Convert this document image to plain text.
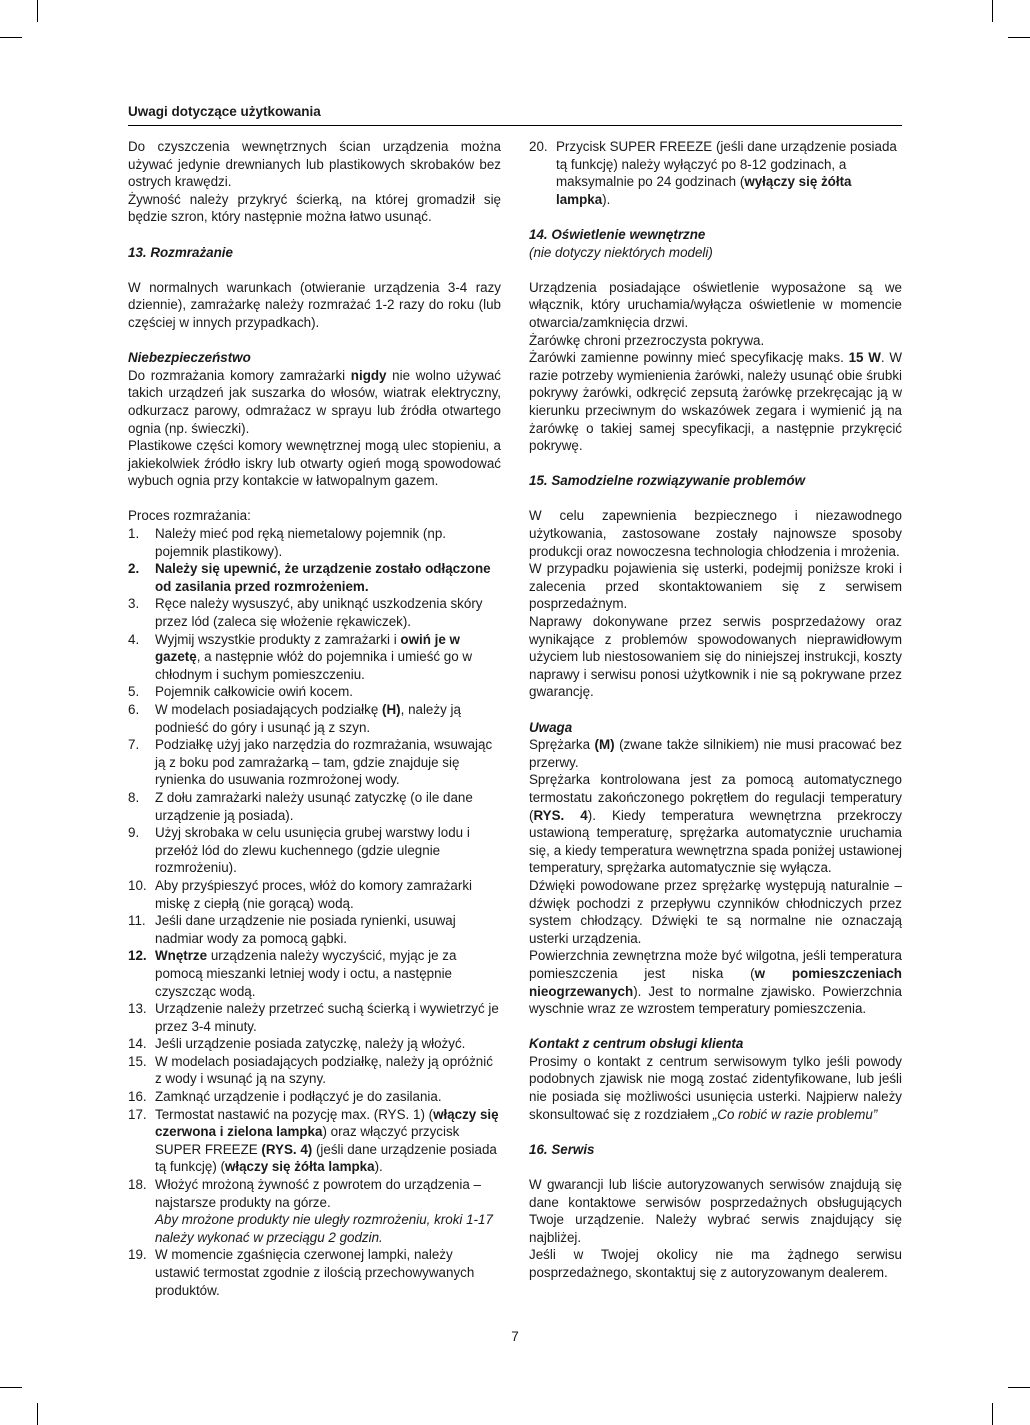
Uwagi dotyczące użytkowania

Do czyszczenia wewnętrznych ścian urządzenia można używać jedynie drewnianych lub plastikowych skrobaków bez ostrych krawędzi.

Żywność należy przykryć ścierką, na której gromadził się będzie szron, który następnie można łatwo usunąć.

13. Rozmrażanie

W normalnych warunkach (otwieranie urządzenia 3-4 razy dziennie), zamrażarkę należy rozmrażać 1-2 razy do roku (lub częściej w innych przypadkach).

Niebezpieczeństwo

Do rozmrażania komory zamrażarki nigdy nie wolno używać takich urządzeń jak suszarka do włosów, wiatrak elektryczny, odkurzacz parowy, odmrażacz w sprayu lub źródła otwartego ognia (np. świeczki).

Plastikowe części komory wewnętrznej mogą ulec stopieniu, a jakiekolwiek źródło iskry lub otwarty ogień mogą spowodować wybuch ognia przy kontakcie w łatwopalnym gazem.

Proces rozmrażania:

1. Należy mieć pod ręką niemetalowy pojemnik (np. pojemnik plastikowy).
2. Należy się upewnić, że urządzenie zostało odłączone od zasilania przed rozmrożeniem.
3. Ręce należy wysuszyć, aby uniknąć uszkodzenia skóry przez lód (zaleca się włożenie rękawiczek).
4. Wyjmij wszystkie produkty z zamrażarki i owiń je w gazetę, a następnie włóż do pojemnika i umieść go w chłodnym i suchym pomieszczeniu.
5. Pojemnik całkowicie owiń kocem.
6. W modelach posiadających podziałkę (H), należy ją podnieść do góry i usunąć ją z szyn.
7. Podziałkę użyj jako narzędzia do rozmrażania, wsuwając ją z boku pod zamrażarką – tam, gdzie znajduje się rynienka do usuwania rozmrożonej wody.
8. Z dołu zamrażarki należy usunąć zatyczkę (o ile dane urządzenie ją posiada).
9. Użyj skrobaka w celu usunięcia grubej warstwy lodu i przełóż lód do zlewu kuchennego (gdzie ulegnie rozmrożeniu).
10. Aby przyśpieszyć proces, włóż do komory zamrażarki miskę z ciepłą (nie gorącą) wodą.
11. Jeśli dane urządzenie nie posiada rynienki, usuwaj nadmiar wody za pomocą gąbki.
12. Wnętrze urządzenia należy wyczyścić, myjąc je za pomocą mieszanki letniej wody i octu, a następnie czyszcząc wodą.
13. Urządzenie należy przetrzeć suchą ścierką i wywietrzyć je przez 3-4 minuty.
14. Jeśli urządzenie posiada zatyczkę, należy ją włożyć.
15. W modelach posiadających podziałkę, należy ją opróżnić z wody i wsunąć ją na szyny.
16. Zamknąć urządzenie i podłączyć je do zasilania.
17. Termostat nastawić na pozycję max. (RYS. 1) (włączy się czerwona i zielona lampka) oraz włączyć przycisk SUPER FREEZE (RYS. 4) (jeśli dane urządzenie posiada tą funkcję) (włączy się żółta lampka).
18. Włożyć mrożoną żywność z powrotem do urządzenia – najstarsze produkty na górze.
Aby mrożone produkty nie uległy rozmrożeniu, kroki 1-17 należy wykonać w przeciągu 2 godzin.
19. W momencie zgaśnięcia czerwonej lampki, należy ustawić termostat zgodnie z ilością przechowywanych produktów.
20. Przycisk SUPER FREEZE (jeśli dane urządzenie posiada tą funkcję) należy wyłączyć po 8-12 godzinach, a maksymalnie po 24 godzinach (wyłączy się żółta lampka).

14. Oświetlenie wewnętrzne

(nie dotyczy niektórych modeli)

Urządzenia posiadające oświetlenie wyposażone są we włącznik, który uruchamia/wyłącza oświetlenie w momencie otwarcia/zamknięcia drzwi.

Żarówkę chroni przezroczysta pokrywa.

Żarówki zamienne powinny mieć specyfikację maks. 15 W. W razie potrzeby wymienienia żarówki, należy usunąć obie śrubki pokrywy żarówki, odkręcić zepsutą żarówkę przekręcając ją w kierunku przeciwnym do wskazówek zegara i wymienić ją na żarówkę o takiej samej specyfikacji, a następnie przykręcić pokrywę.

15. Samodzielne rozwiązywanie problemów

W celu zapewnienia bezpiecznego i niezawodnego użytkowania, zastosowane zostały najnowsze sposoby produkcji oraz nowoczesna technologia chłodzenia i mrożenia.

W przypadku pojawienia się usterki, podejmij poniższe kroki i zalecenia przed skontaktowaniem się z serwisem posprzedażnym.

Naprawy dokonywane przez serwis posprzedażowy oraz wynikające z problemów spowodowanych nieprawidłowym użyciem lub niestosowaniem się do niniejszej instrukcji, koszty naprawy i serwisu ponosi użytkownik i nie są pokrywane przez gwarancję.

Uwaga

Sprężarka (M) (zwane także silnikiem) nie musi pracować bez przerwy.

Sprężarka kontrolowana jest za pomocą automatycznego termostatu zakończonego pokrętłem do regulacji temperatury (RYS. 4). Kiedy temperatura wewnętrzna przekroczy ustawioną temperaturę, sprężarka automatycznie uruchamia się, a kiedy temperatura wewnętrzna spada poniżej ustawionej temperatury, sprężarka automatycznie się wyłącza.

Dźwięki powodowane przez sprężarkę występują naturalnie – dźwięk pochodzi z przepływu czynników chłodniczych przez system chłodzący. Dźwięki te są normalne nie oznaczają usterki urządzenia.

Powierzchnia zewnętrzna może być wilgotna, jeśli temperatura pomieszczenia jest niska (w pomieszczeniach nieogrzewanych). Jest to normalne zjawisko. Powierzchnia wyschnie wraz ze wzrostem temperatury pomieszczenia.

Kontakt z centrum obsługi klienta

Prosimy o kontakt z centrum serwisowym tylko jeśli powody podobnych zjawisk nie mogą zostać zidentyfikowane, lub jeśli nie posiada się możliwości usunięcia usterki. Najpierw należy skonsultować się z rozdziałem „Co robić w razie problemu”

16. Serwis

W gwarancji lub liście autoryzowanych serwisów znajdują się dane kontaktowe serwisów posprzedażnych obsługujących Twoje urządzenie. Należy wybrać serwis znajdujący się najbliżej.

Jeśli w Twojej okolicy nie ma żądnego serwisu posprzedażnego, skontaktuj się z autoryzowanym dealerem.

7
